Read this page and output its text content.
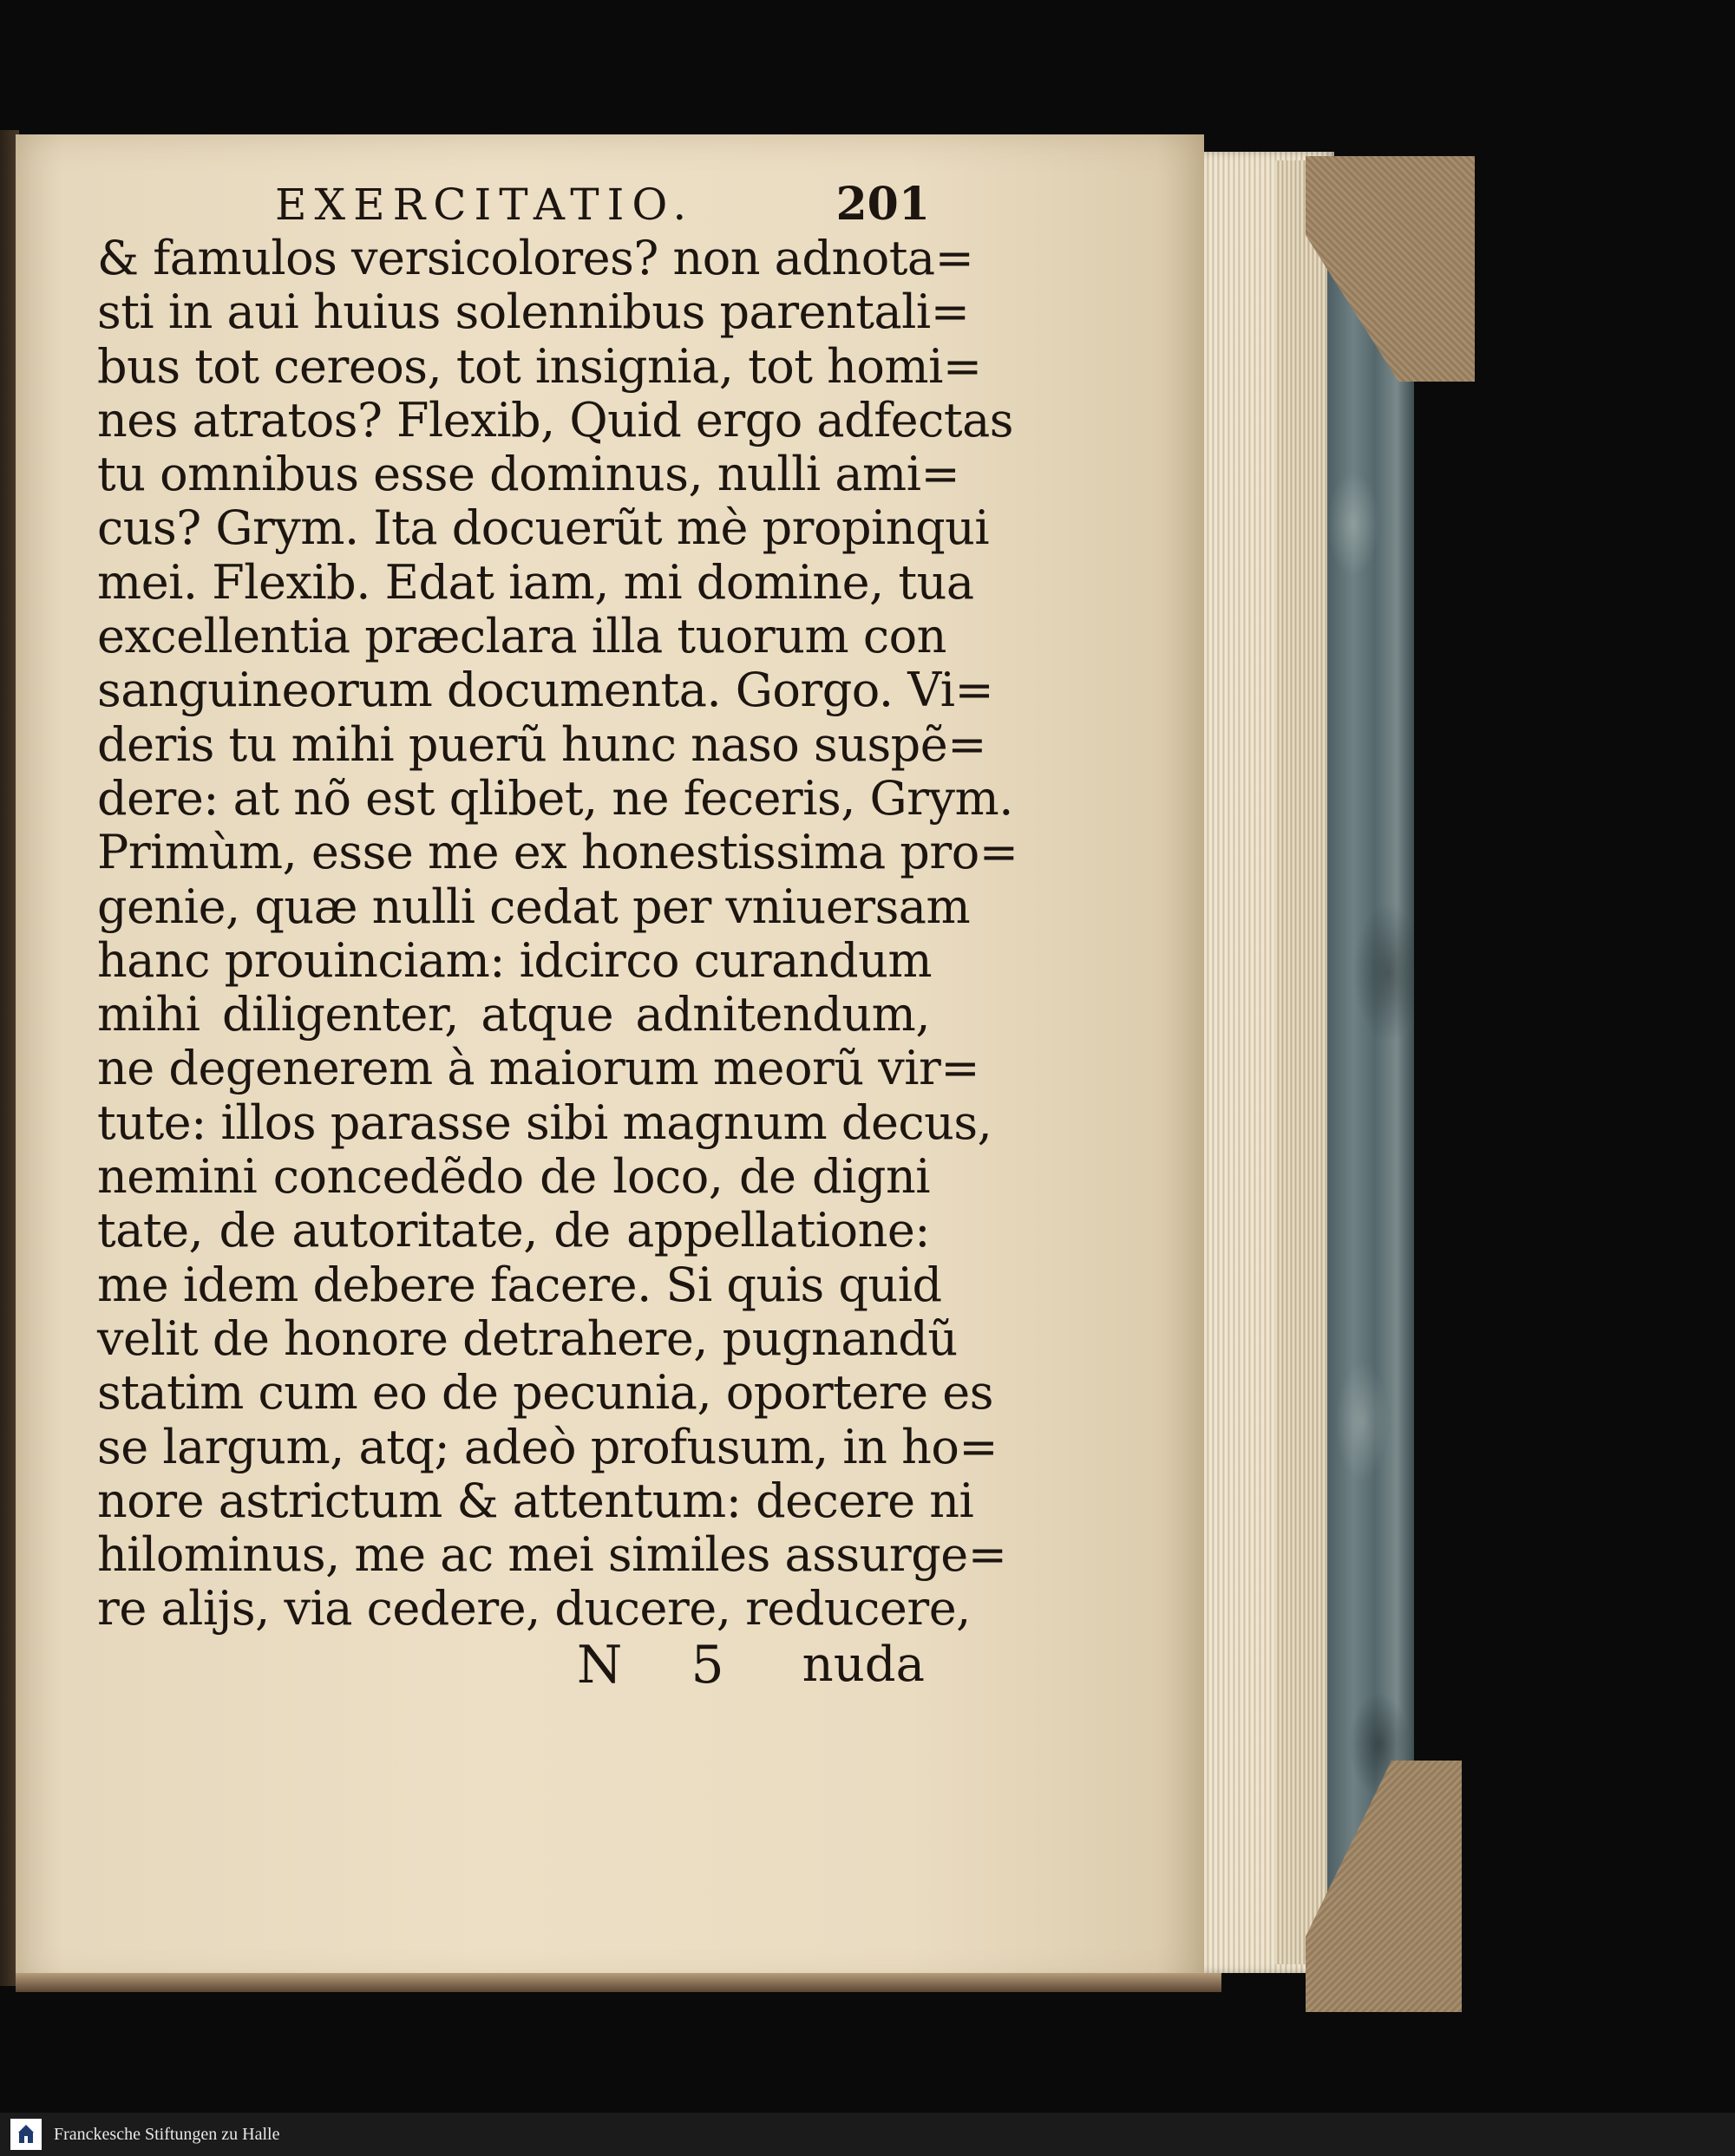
EXERCITATIO.	201
& famulos versicolores? non adnota=
sti in aui huius solennibus parentali=
bus tot cereos, tot insignia, tot homi=
nes atratos? Flexib, Quid ergo adfectas
tu omnibus esse dominus, nulli ami=
cus? Grym. Ita docuerũt mè propinqui
mei. Flexib. Edat iam, mi domine, tua
excellentia præclara illa tuorum con
sanguineorum documenta. Gorgo. Vi=
deris tu mihi puerũ hunc naso suspẽ=
dere: at nõ est qlibet, ne feceris, Grym.
Primùm, esse me ex honestissima pro=
genie, quæ nulli cedat per vniuersam
hanc prouinciam: idcirco curandum
mihi diligenter, atque adnitendum,
ne degenerem à maiorum meorũ vir=
tute: illos parasse sibi magnum decus,
nemini concedẽdo de loco, de digni
tate, de autoritate, de appellatione:
me idem debere facere. Si quis quid
velit de honore detrahere, pugnandũ
statim cum eo de pecunia, oportere es
se largum, atq; adeò profusum, in ho=
nore astrictum & attentum: decere ni
hilominus, me ac mei similes assurge=
re alijs, via cedere, ducere, reducere,
N 5 nuda
Franckesche Stiftungen zu Halle
